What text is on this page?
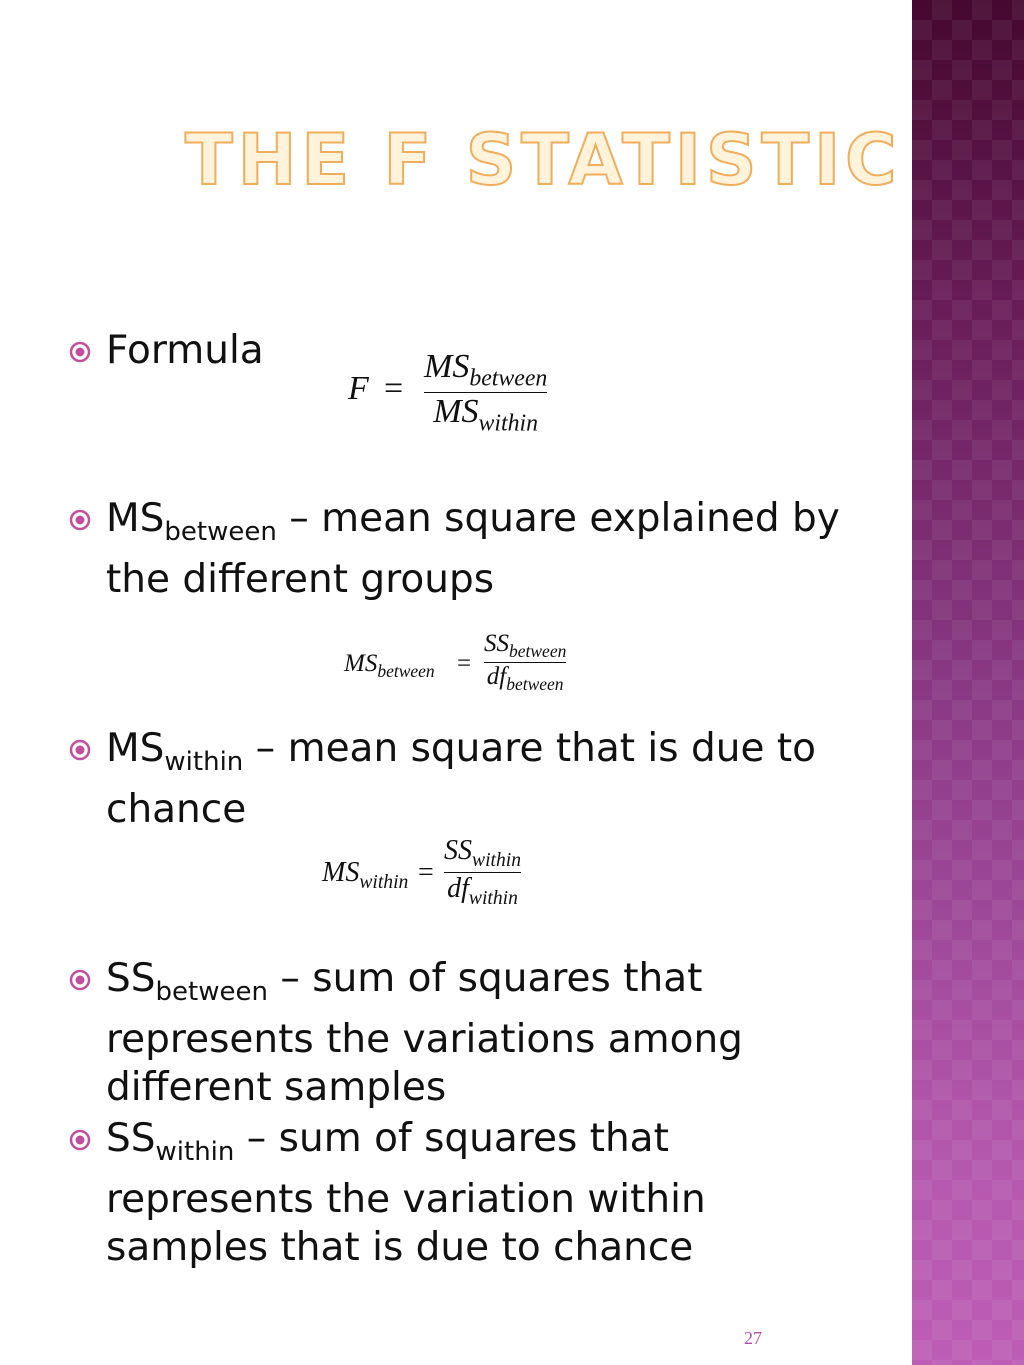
THE F STATISTIC
Formula
F =
$MS_{between}$
$MS_{within}$
$MS_{between}$ – mean square explained by the different groups
$MS_{between}$ =
$SS_{between}$
$df_{between}$
$MS_{within}$ – mean square that is due to chance
$MS_{within}$ =
$SS_{within}$
$df_{within}$
$SS_{between}$ – sum of squares that represents the variations among different samples
$SS_{within}$ – sum of squares that represents the variation within samples that is due to chance
27
